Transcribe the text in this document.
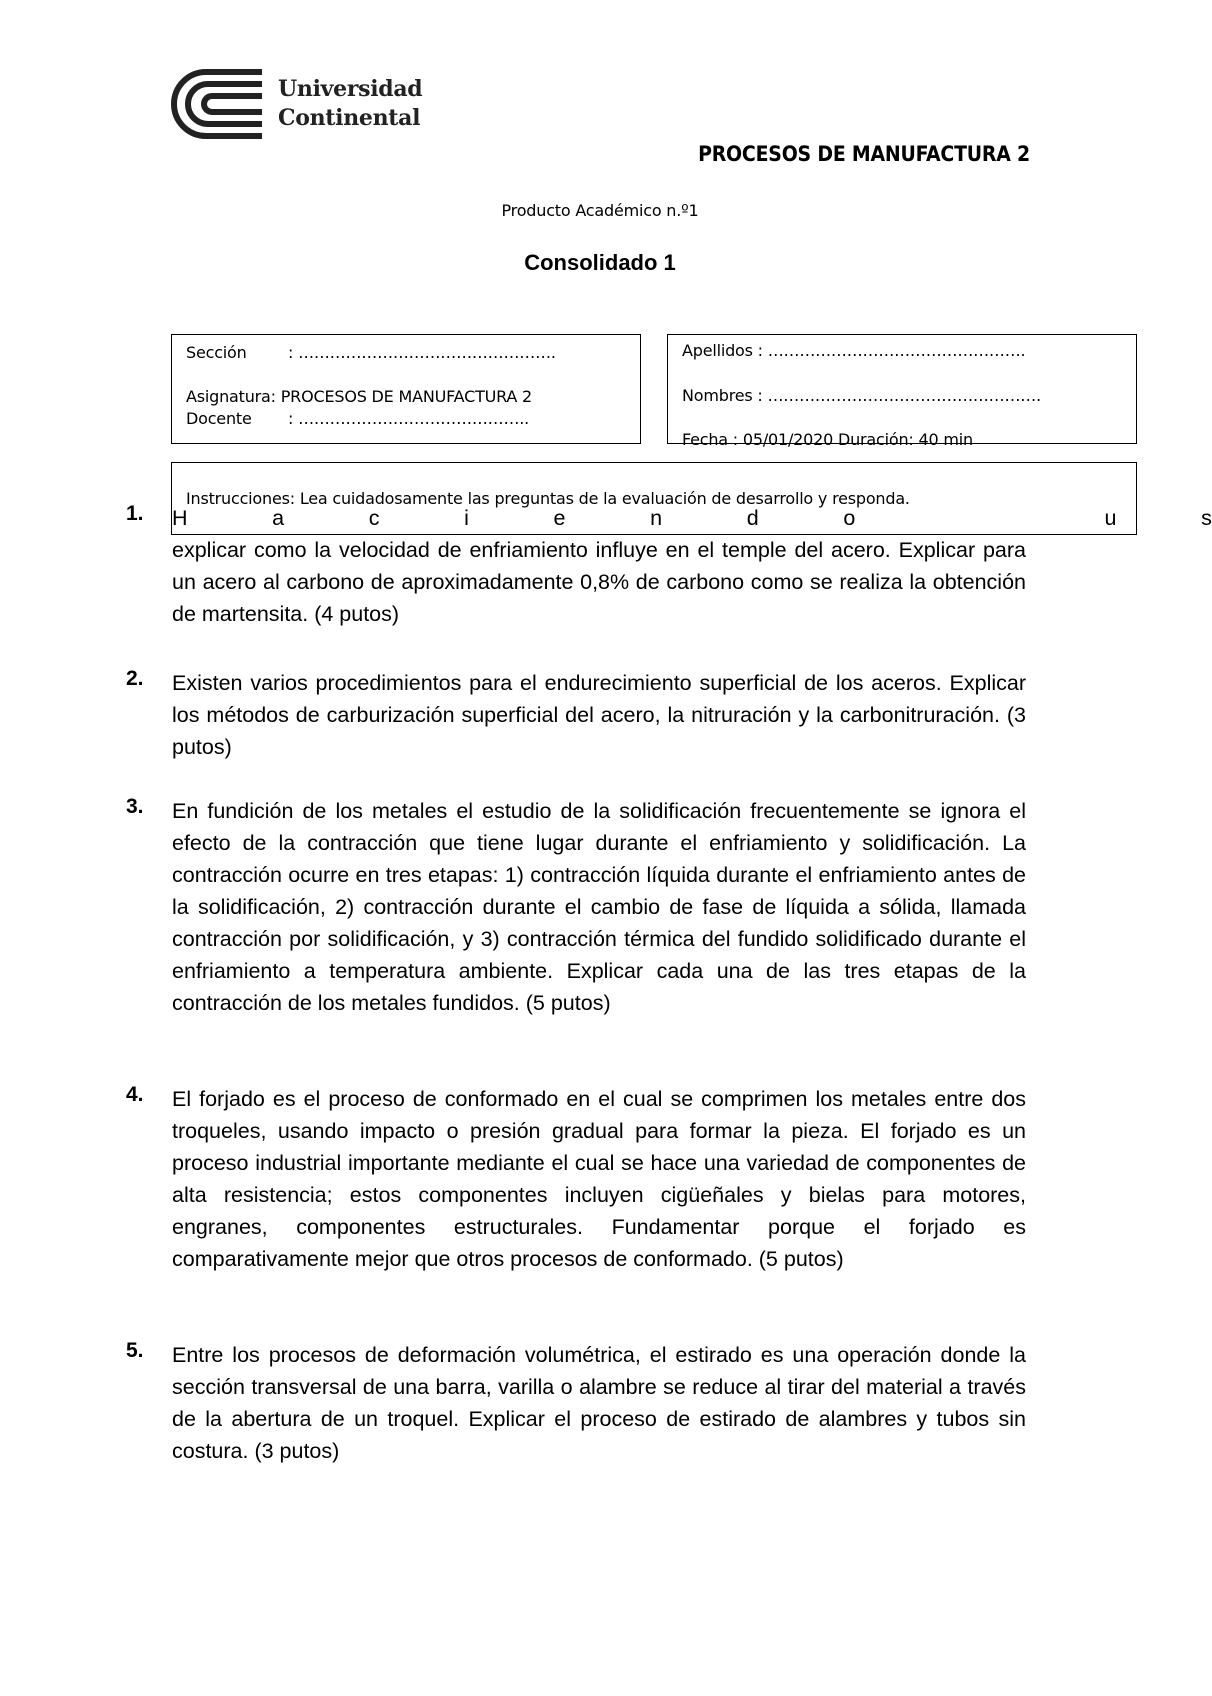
Universidad
Continental
PROCESOS DE MANUFACTURA 2
Producto Académico n.º1
Consolidado 1
Sección	: ………………………………………….
Asignatura: PROCESOS DE MANUFACTURA 2
Docente : ……………………………………..
Apellidos : ………………………………………….
Nombres : …………………………………………….
Fecha : 05/01/2020 Duración: 40 min
Instrucciones: Lea cuidadosamente las preguntas de la evaluación de desarrollo y responda.
1. H	a	c	i	e	n	d	o	u	s
explicar como la velocidad de enfriamiento influye en el temple del acero. Explicar para un acero al carbono de aproximadamente 0,8% de carbono como se realiza la obtención de martensita. (4 putos)
2. Existen varios procedimientos para el endurecimiento superficial de los aceros. Explicar los métodos de carburización superficial del acero, la nitruración y la carbonitruración. (3 putos)
3. En fundición de los metales el estudio de la solidificación frecuentemente se ignora el efecto de la contracción que tiene lugar durante el enfriamiento y solidificación. La contracción ocurre en tres etapas: 1) contracción líquida durante el enfriamiento antes de la solidificación, 2) contracción durante el cambio de fase de líquida a sólida, llamada contracción por solidificación, y 3) contracción térmica del fundido solidificado durante el enfriamiento a temperatura ambiente. Explicar cada una de las tres etapas de la contracción de los metales fundidos. (5 putos)
4. El forjado es el proceso de conformado en el cual se comprimen los metales entre dos troqueles, usando impacto o presión gradual para formar la pieza. El forjado es un proceso industrial importante mediante el cual se hace una variedad de componentes de alta resistencia; estos componentes incluyen cigüeñales y bielas para motores, engranes, componentes estructurales. Fundamentar porque el forjado es comparativamente mejor que otros procesos de conformado. (5 putos)
5. Entre los procesos de deformación volumétrica, el estirado es una operación donde la sección transversal de una barra, varilla o alambre se reduce al tirar del material a través de la abertura de un troquel. Explicar el proceso de estirado de alambres y tubos sin costura. (3 putos)
